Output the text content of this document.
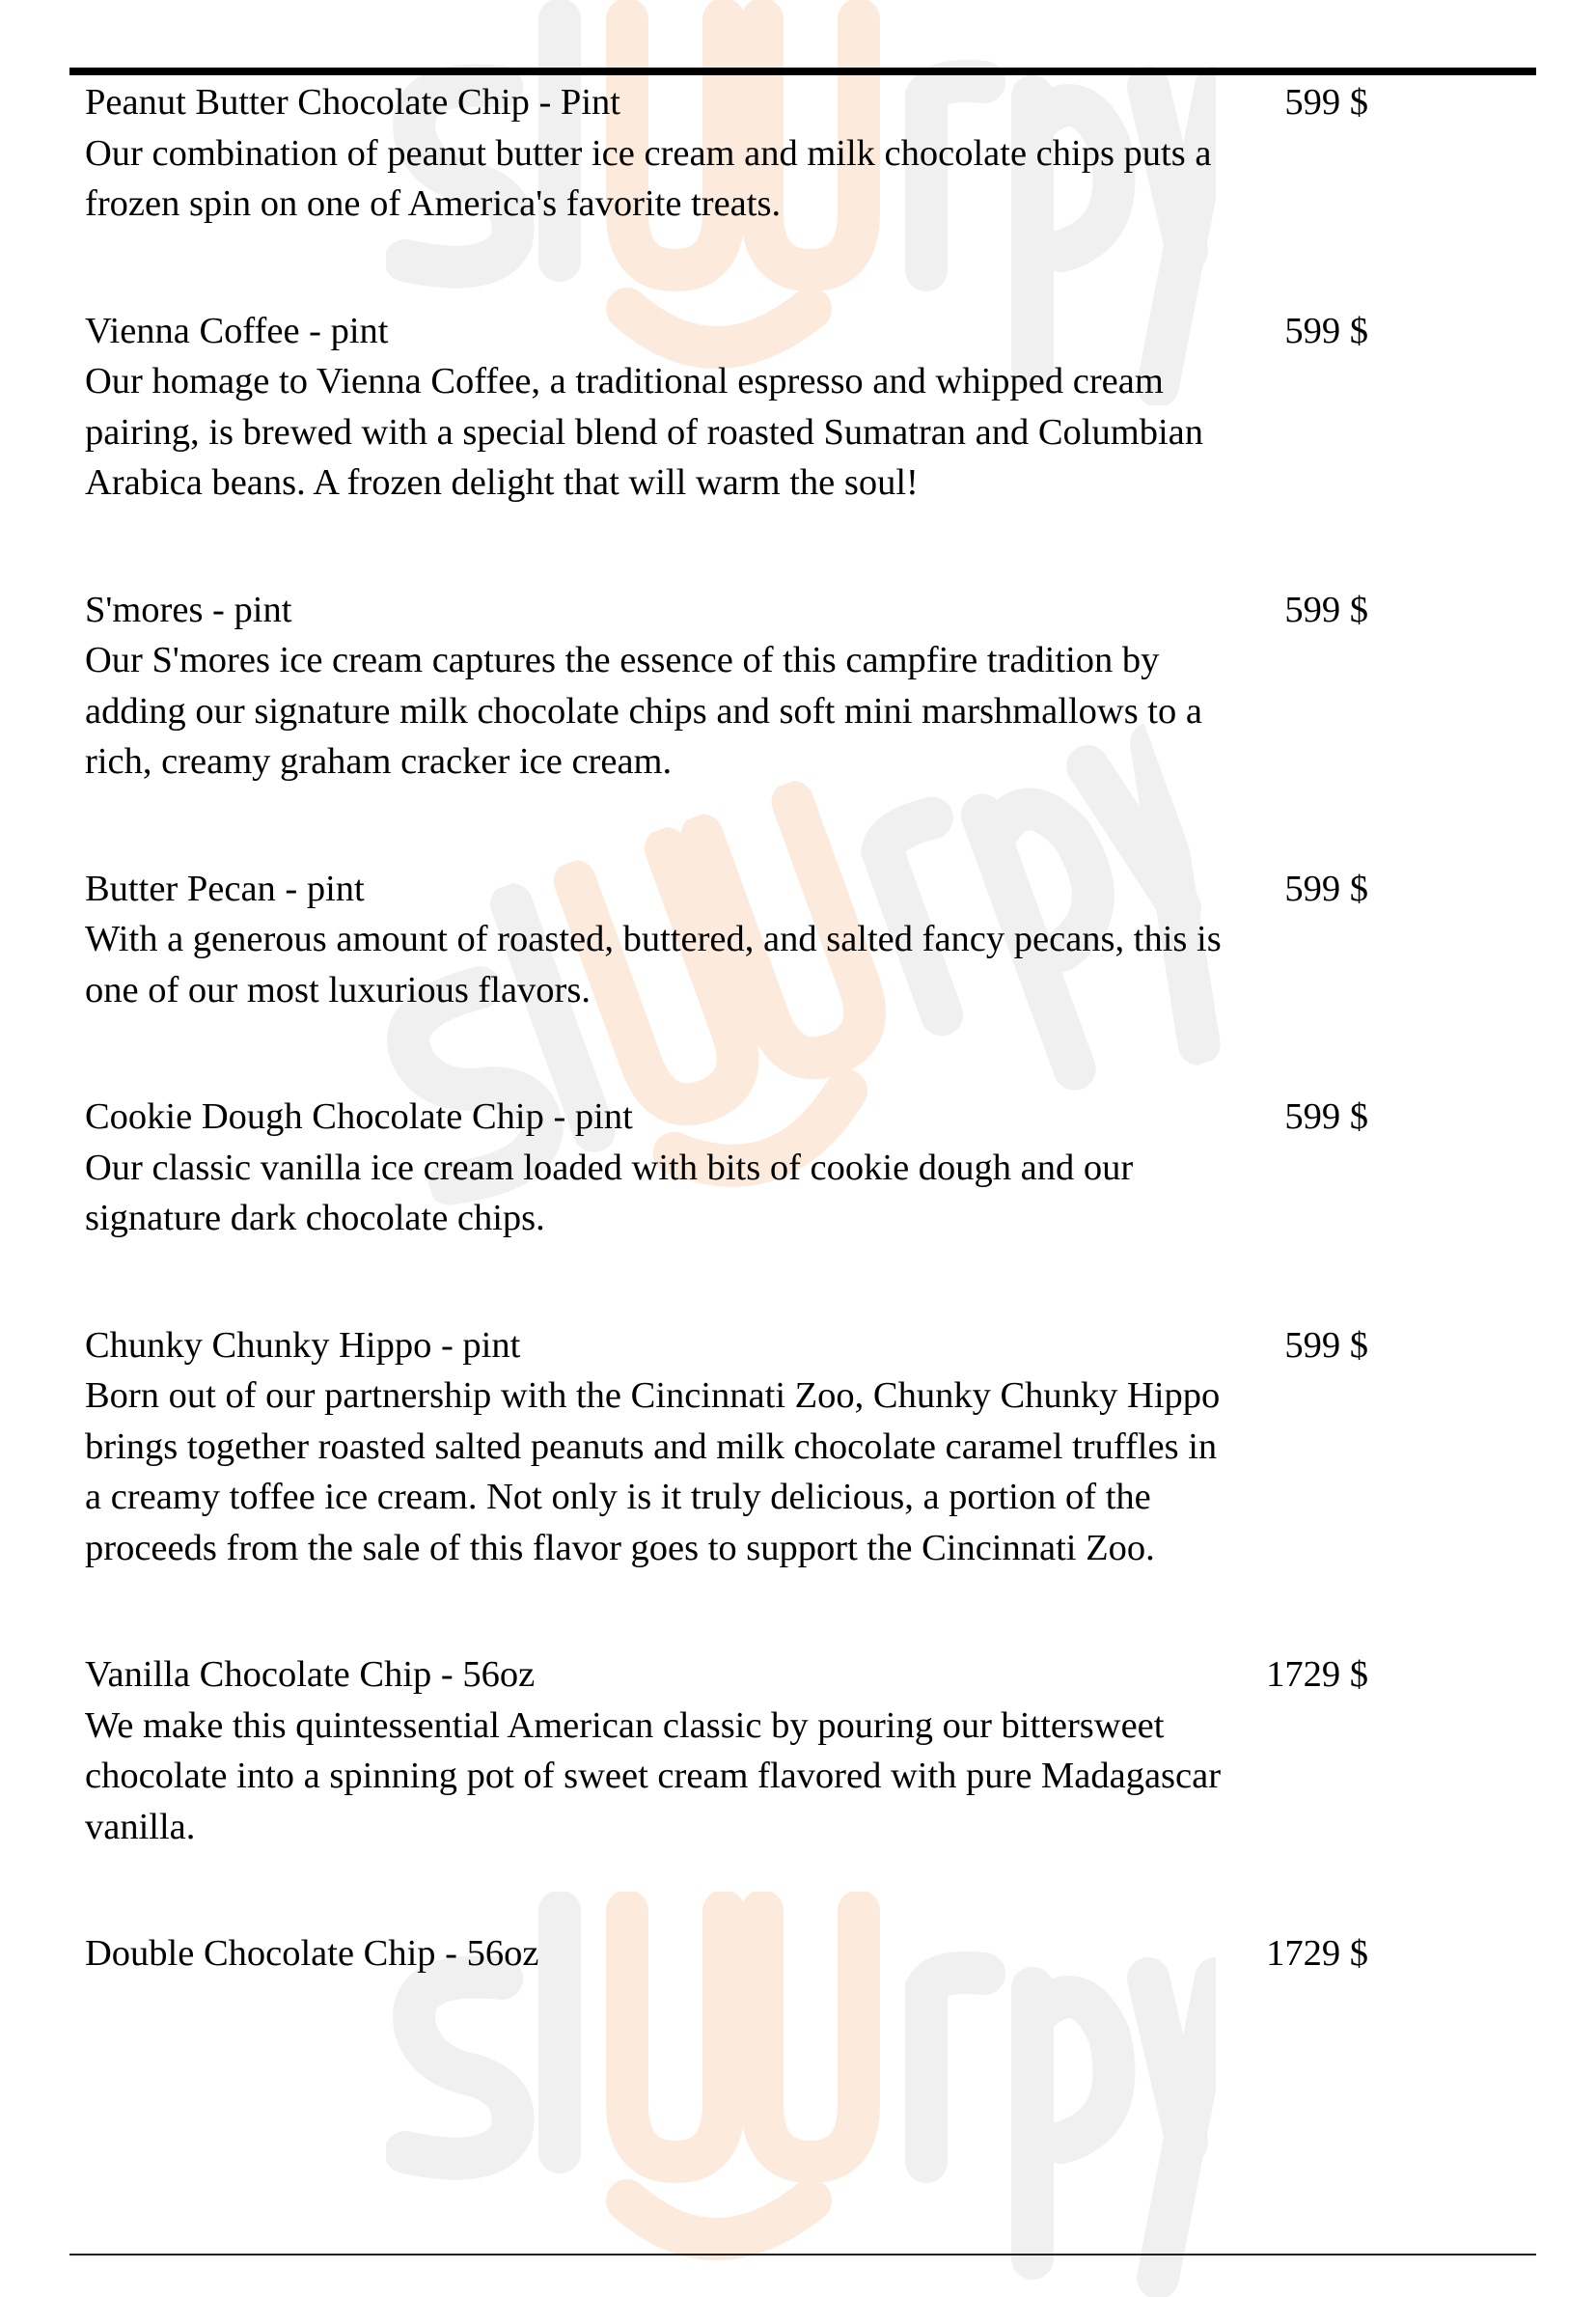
Peanut Butter Chocolate Chip - Pint
Our combination of peanut butter ice cream and milk chocolate chips puts a frozen spin on one of America's favorite treats.
599 $
Vienna Coffee - pint
Our homage to Vienna Coffee, a traditional espresso and whipped cream pairing, is brewed with a special blend of roasted Sumatran and Columbian Arabica beans. A frozen delight that will warm the soul!
599 $
S'mores - pint
Our S'mores ice cream captures the essence of this campfire tradition by adding our signature milk chocolate chips and soft mini marshmallows to a rich, creamy graham cracker ice cream.
599 $
Butter Pecan - pint
With a generous amount of roasted, buttered, and salted fancy pecans, this is one of our most luxurious flavors.
599 $
Cookie Dough Chocolate Chip - pint
Our classic vanilla ice cream loaded with bits of cookie dough and our signature dark chocolate chips.
599 $
Chunky Chunky Hippo - pint
Born out of our partnership with the Cincinnati Zoo, Chunky Chunky Hippo brings together roasted salted peanuts and milk chocolate caramel truffles in a creamy toffee ice cream. Not only is it truly delicious, a portion of the proceeds from the sale of this flavor goes to support the Cincinnati Zoo.
599 $
Vanilla Chocolate Chip - 56oz
We make this quintessential American classic by pouring our bittersweet chocolate into a spinning pot of sweet cream flavored with pure Madagascar vanilla.
1729 $
Double Chocolate Chip - 56oz	1729 $
